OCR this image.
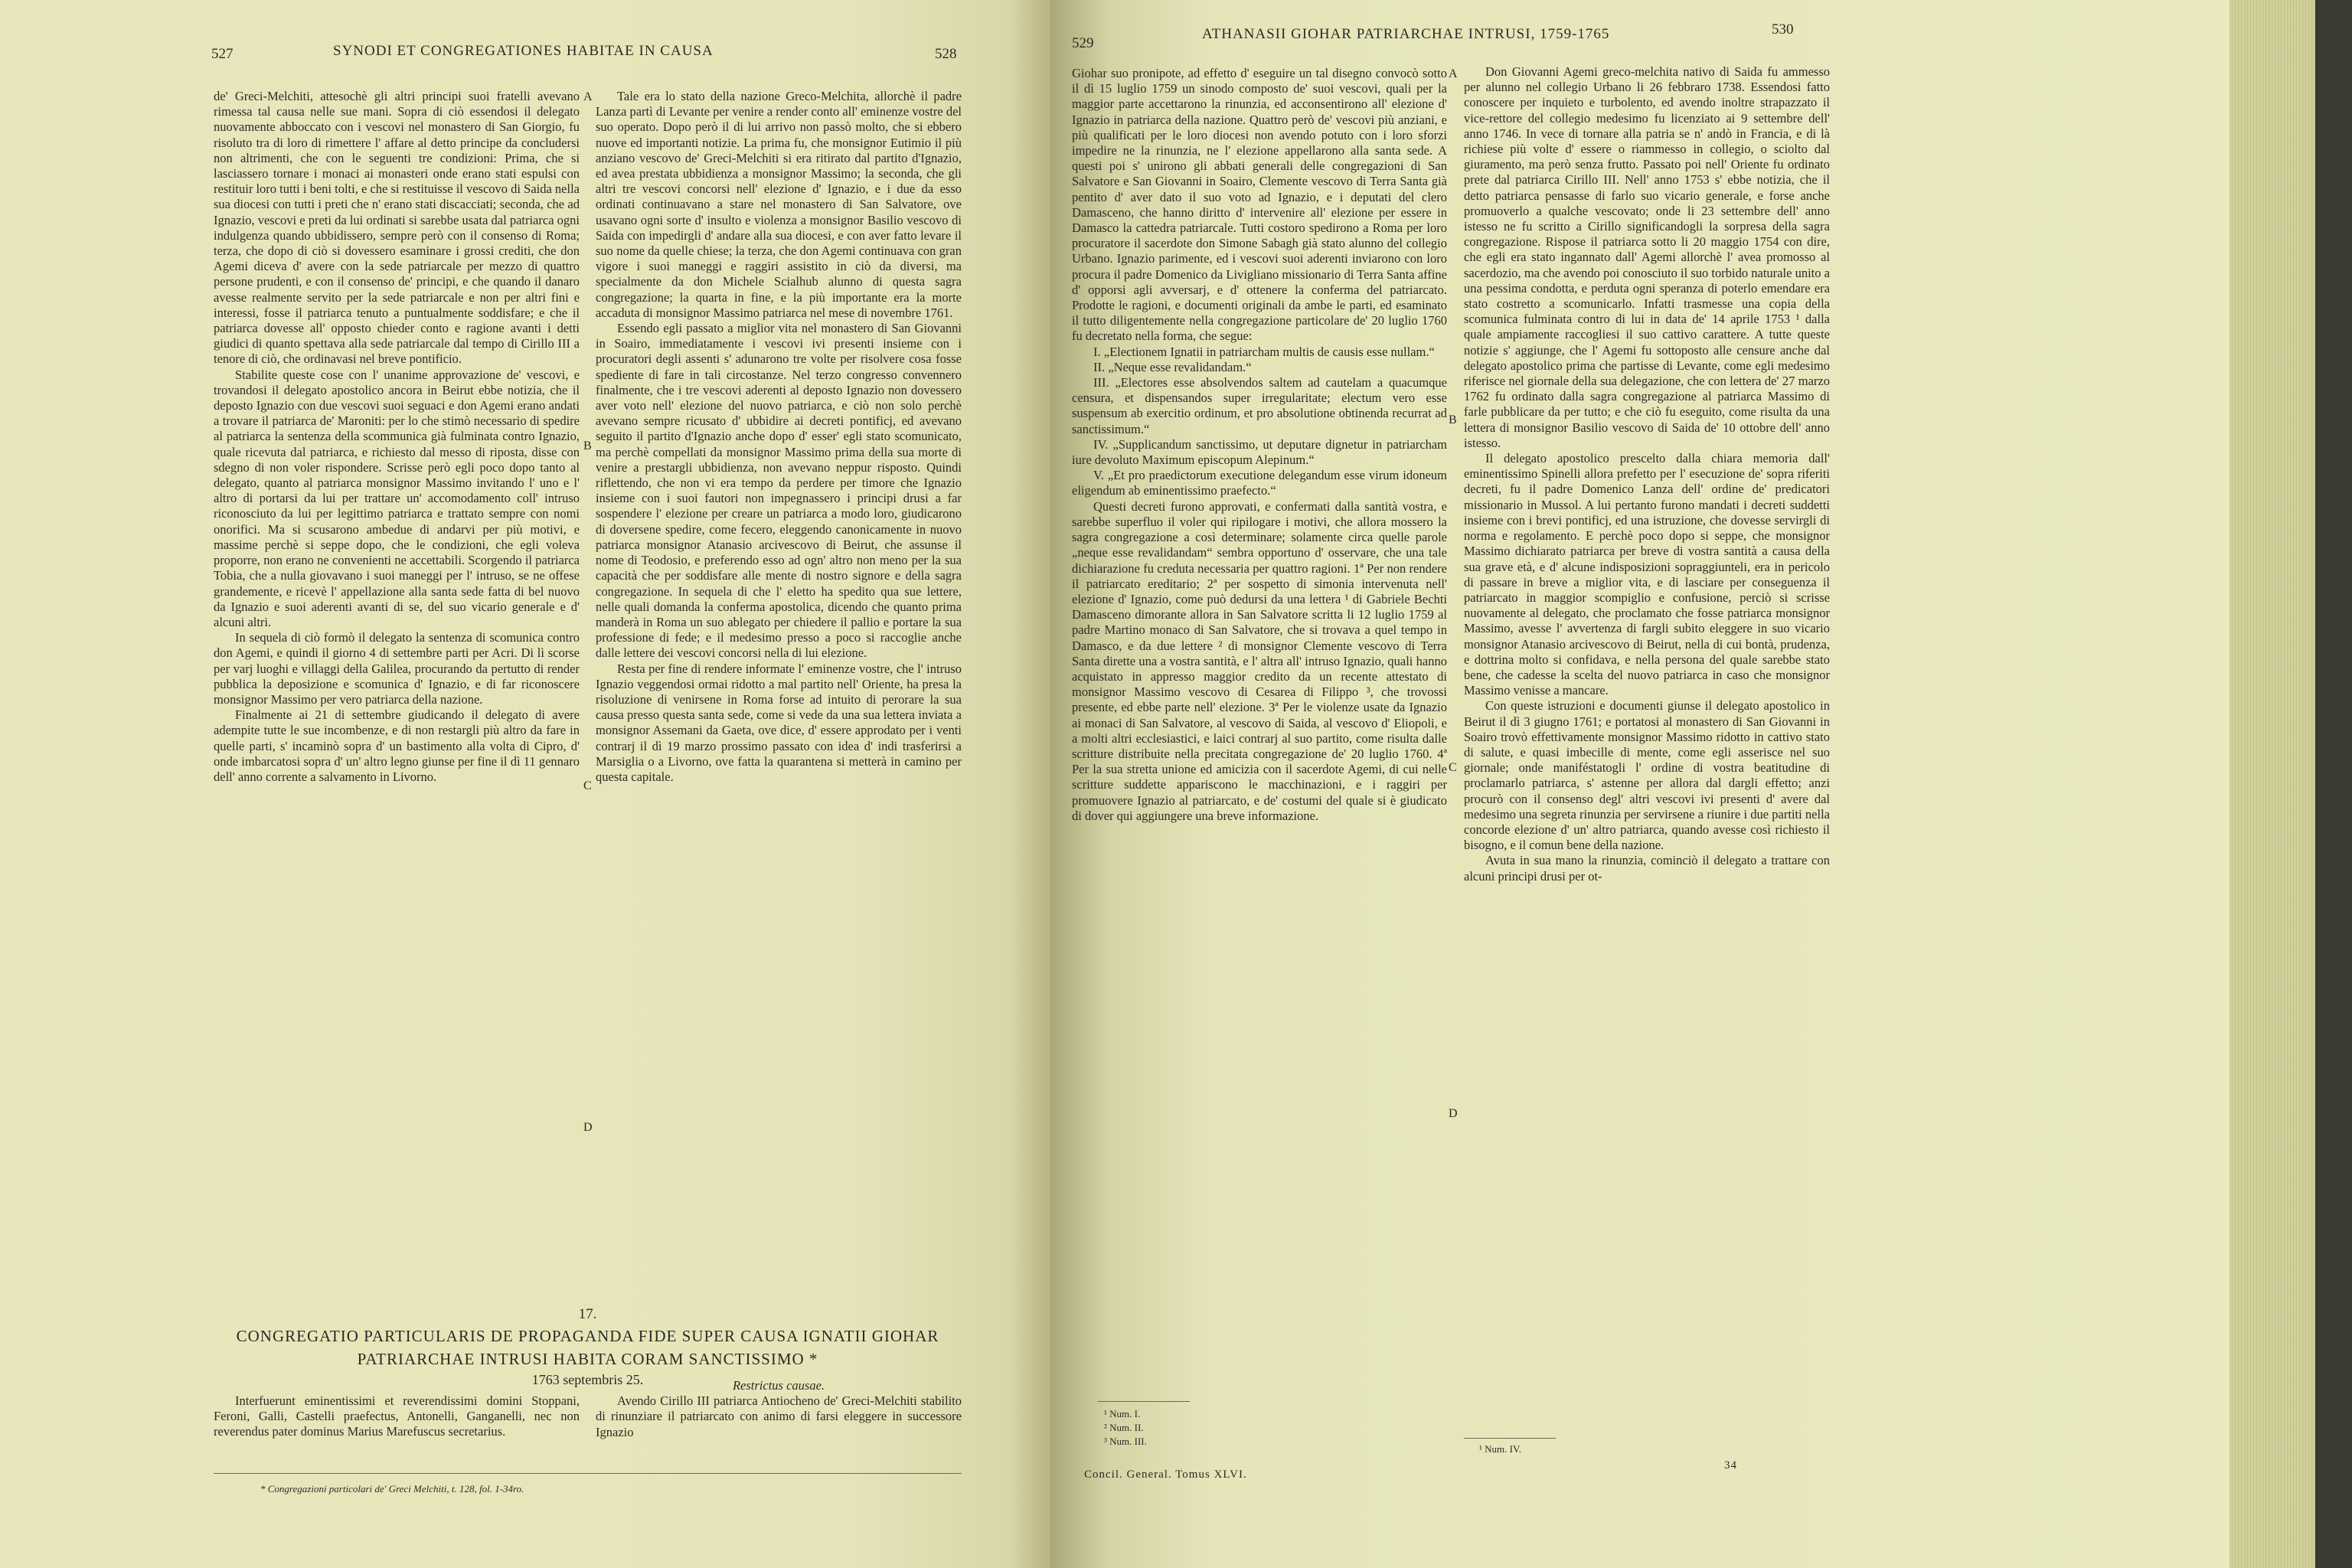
527	SYNODI ET CONGREGATIONES HABITAE IN CAUSA	528

de' Greci-Melchiti, attesochè gli altri principi suoi fratelli avevano rimessa tal causa nelle sue mani. Sopra di ciò essendosi il delegato nuovamente abboccato con i vescovi nel monastero di San Giorgio, fu risoluto tra di loro di rimettere l' affare al detto principe da concludersi non altrimenti, che con le seguenti tre condizioni: Prima, che si lasciassero tornare i monaci ai monasteri onde erano stati espulsi con restituir loro tutti i beni tolti, e che si restituisse il vescovo di Saida nella sua diocesi con tutti i preti che n' erano stati discacciati; seconda, che ad Ignazio, vescovi e preti da lui ordinati si sarebbe usata dal patriarca ogni indulgenza quando ubbidissero, sempre però con il consenso di Roma; terza, che dopo di ciò si dovessero esaminare i grossi crediti, che don Agemi diceva d' avere con la sede patriarcale per mezzo di quattro persone prudenti, e con il consenso de' principi, e che quando il danaro avesse realmente servito per la sede patriarcale e non per altri fini e interessi, fosse il patriarca tenuto a puntualmente soddisfare; e che il patriarca dovesse all' opposto chieder conto e ragione avanti i detti giudici di quanto spettava alla sede patriarcale dal tempo di Cirillo III a tenore di ciò, che ordinavasi nel breve pontificio.

Stabilite queste cose con l' unanime approvazione de' vescovi, e trovandosi il delegato apostolico ancora in Beirut ebbe notizia, che il deposto Ignazio con due vescovi suoi seguaci e don Agemi erano andati a trovare il patriarca de' Maroniti: per lo che stimò necessario di spedire al patriarca la sentenza della scommunica già fulminata contro Ignazio, quale ricevuta dal patriarca, e richiesto dal messo di riposta, disse con sdegno di non voler rispondere. Scrisse però egli poco dopo tanto al delegato, quanto al patriarca monsignor Massimo invitando l' uno e l' altro di portarsi da lui per trattare un' accomodamento coll' intruso riconosciuto da lui per legittimo patriarca e trattato sempre con nomi onorifici. Ma si scusarono ambedue di andarvi per più motivi, e massime perchè si seppe dopo, che le condizioni, che egli voleva proporre, non erano ne convenienti ne accettabili. Scorgendo il patriarca Tobia, che a nulla giovavano i suoi maneggi per l' intruso, se ne offese grandemente, e ricevè l' appellazione alla santa sede fatta di bel nuovo da Ignazio e suoi aderenti avanti di se, del suo vicario generale e d' alcuni altri.

In sequela di ciò formò il delegato la sentenza di scomunica contro don Agemi, e quindi il giorno 4 di settembre parti per Acri. Di lì scorse per varj luoghi e villaggi della Galilea, procurando da pertutto di render pubblica la deposizione e scomunica d' Ignazio, e di far riconoscere monsignor Massimo per vero patriarca della nazione.

Finalmente ai 21 di settembre giudicando il delegato di avere adempite tutte le sue incombenze, e di non restargli più altro da fare in quelle parti, s' incaminò sopra d' un bastimento alla volta di Cipro, d' onde imbarcatosi sopra d' un' altro legno giunse per fine il dì 11 gennaro dell' anno corrente a salvamento in Livorno.

A
B
C
D

Tale era lo stato della nazione Greco-Melchita, allorchè il padre Lanza partì di Levante per venire a render conto all' eminenze vostre del suo operato. Dopo però il di lui arrivo non passò molto, che si ebbero nuove ed importanti notizie. La prima fu, che monsignor Eutimio il più anziano vescovo de' Greci-Melchiti si era ritirato dal partito d'Ignazio, ed avea prestata ubbidienza a monsignor Massimo; la seconda, che gli altri tre vescovi concorsi nell' elezione d' Ignazio, e i due da esso ordinati continuavano a stare nel monastero di San Salvatore, ove usavano ogni sorte d' insulto e violenza a monsignor Basilio vescovo di Saida con impedirgli d' andare alla sua diocesi, e con aver fatto levare il suo nome da quelle chiese; la terza, che don Agemi continuava con gran vigore i suoi maneggi e raggiri assistito in ciò da diversi, ma specialmente da don Michele Scialhub alunno di questa sagra congregazione; la quarta in fine, e la più importante era la morte accaduta di monsignor Massimo patriarca nel mese di novembre 1761.

Essendo egli passato a miglior vita nel monastero di San Giovanni in Soairo, immediatamente i vescovi ivi presenti insieme con i procuratori degli assenti s' adunarono tre volte per risolvere cosa fosse spediente di fare in tali circostanze. Nel terzo congresso convennero finalmente, che i tre vescovi aderenti al deposto Ignazio non dovessero aver voto nell' elezione del nuovo patriarca, e ciò non solo perchè avevano sempre ricusato d' ubbidire ai decreti pontificj, ed avevano seguito il partito d'Ignazio anche dopo d' esser' egli stato scomunicato, ma perchè compellati da monsignor Massimo prima della sua morte di venire a prestargli ubbidienza, non avevano neppur risposto. Quindi riflettendo, che non vi era tempo da perdere per timore che Ignazio insieme con i suoi fautori non impegnassero i principi drusi a far sospendere l' elezione per creare un patriarca a modo loro, giudicarono di doversene spedire, come fecero, eleggendo canonicamente in nuovo patriarca monsignor Atanasio arcivescovo di Beirut, che assunse il nome di Teodosio, e preferendo esso ad ogn' altro non meno per la sua capacità che per soddisfare alle mente di nostro signore e della sagra congregazione. In sequela di che l' eletto ha spedito qua sue lettere, nelle quali domanda la conferma apostolica, dicendo che quanto prima manderà in Roma un suo ablegato per chiedere il pallio e portare la sua professione di fede; e il medesimo presso a poco si raccoglie anche dalle lettere dei vescovi concorsi nella di lui elezione.

Resta per fine di rendere informate l' eminenze vostre, che l' intruso Ignazio veggendosi ormai ridotto a mal partito nell' Oriente, ha presa la risoluzione di venirsene in Roma forse ad intuito di perorare la sua causa presso questa santa sede, come si vede da una sua lettera inviata a monsignor Assemani da Gaeta, ove dice, d' essere approdato per i venti contrarj il dì 19 marzo prossimo passato con idea d' indi trasferirsi a Marsiglia o a Livorno, ove fatta la quarantena si metterà in camino per questa capitale.

17.
CONGREGATIO PARTICULARIS DE PROPAGANDA FIDE SUPER CAUSA IGNATII GIOHAR
PATRIARCHAE INTRUSI HABITA CORAM SANCTISSIMO *
1763 septembris 25.

Interfuerunt eminentissimi et reverendissimi domini Stoppani, Feroni, Galli, Castelli praefectus, Antonelli, Ganganelli, nec non reverendus pater dominus Marius Marefuscus secretarius.

Restrictus causae.

Avendo Cirillo III patriarca Antiocheno de' Greci-Melchiti stabilito di rinunziare il patriarcato con animo di farsi eleggere in successore Ignazio

* Congregazioni particolari de' Greci Melchiti, t. 128, fol. 1-34ro.
529
ATHANASII GIOHAR PATRIARCHAE INTRUSI, 1759-1765	530

Giohar suo pronipote, ad effetto d' eseguire un tal disegno convocò sotto il dì 15 luglio 1759 un sinodo composto de' suoi vescovi, quali per la maggior parte accettarono la rinunzia, ed acconsentirono all' elezione d' Ignazio in patriarca della nazione. Quattro però de' vescovi più anziani, e più qualificati per le loro diocesi non avendo potuto con i loro sforzi impedire ne la rinunzia, ne l' elezione appellarono alla santa sede. A questi poi s' unirono gli abbati generali delle congregazioni di San Salvatore e San Giovanni in Soairo, Clemente vescovo di Terra Santa già pentito d' aver dato il suo voto ad Ignazio, e i deputati del clero Damasceno, che hanno diritto d' intervenire all' elezione per essere in Damasco la cattedra patriarcale. Tutti costoro spedirono a Roma per loro procuratore il sacerdote don Simone Sabagh già stato alunno del collegio Urbano. Ignazio parimente, ed i vescovi suoi aderenti inviarono con loro procura il padre Domenico da Livigliano missionario di Terra Santa affine d' opporsi agli avversarj, e d' ottenere la conferma del patriarcato. Prodotte le ragioni, e documenti originali da ambe le parti, ed esaminato il tutto diligentemente nella congregazione particolare de' 20 luglio 1760 fu decretato nella forma, che segue:

I. „Electionem Ignatii in patriarcham multis de causis esse nullam.“

II. „Neque esse revalidandam.“

III. „Electores esse absolvendos saltem ad cautelam a quacumque censura, et dispensandos super irregularitate; electum vero esse suspensum ab exercitio ordinum, et pro absolutione obtinenda recurrat ad sanctissimum.“

IV. „Supplicandum sanctissimo, ut deputare dignetur in patriarcham iure devoluto Maximum episcopum Alepinum.“

V. „Et pro praedictorum executione delegandum esse virum idoneum eligendum ab eminentissimo praefecto.“

Questi decreti furono approvati, e confermati dalla santità vostra, e sarebbe superfluo il voler qui ripilogare i motivi, che allora mossero la sagra congregazione a così determinare; solamente circa quelle parole „neque esse revalidandam“ sembra opportuno d' osservare, che una tale dichiarazione fu creduta necessaria per quattro ragioni. 1ª Per non rendere il patriarcato ereditario; 2ª per sospetto di simonia intervenuta nell' elezione d' Ignazio, come può dedursi da una lettera ¹ di Gabriele Bechti Damasceno dimorante allora in San Salvatore scritta li 12 luglio 1759 al padre Martino monaco di San Salvatore, che si trovava a quel tempo in Damasco, e da due lettere ² di monsignor Clemente vescovo di Terra Santa dirette una a vostra santità, e l' altra all' intruso Ignazio, quali hanno acquistato in appresso maggior credito da un recente attestato di monsignor Massimo vescovo di Cesarea di Filippo ³, che trovossi presente, ed ebbe parte nell' elezione. 3ª Per le violenze usate da Ignazio ai monaci di San Salvatore, al vescovo di Saida, al vescovo d' Eliopoli, e a molti altri ecclesiastici, e laici contrarj al suo partito, come risulta dalle scritture distribuite nella precitata congregazione de' 20 luglio 1760. 4ª Per la sua stretta unione ed amicizia con il sacerdote Agemi, di cui nelle scritture suddette appariscono le macchinazioni, e i raggiri per promuovere Ignazio al patriarcato, e de' costumi del quale si è giudicato di dover qui aggiungere una breve informazione.

A
B
C
D
¹ Num. I.
² Num. II.
³ Num. III.
Concil. General. Tomus XLVI.

Don Giovanni Agemi greco-melchita nativo di Saida fu ammesso per alunno nel collegio Urbano li 26 febbraro 1738. Essendosi fatto conoscere per inquieto e turbolento, ed avendo inoltre strapazzato il vice-rettore del collegio medesimo fu licenziato ai 9 settembre dell' anno 1746. In vece di tornare alla patria se n' andò in Francia, e di là richiese più volte d' essere o riammesso in collegio, o sciolto dal giuramento, ma però senza frutto. Passato poi nell' Oriente fu ordinato prete dal patriarca Cirillo III. Nell' anno 1753 s' ebbe notizia, che il detto patriarca pensasse di farlo suo vicario generale, e forse anche promuoverlo a qualche vescovato; onde li 23 settembre dell' anno istesso ne fu scritto a Cirillo significandogli la sorpresa della sagra congregazione. Rispose il patriarca sotto li 20 maggio 1754 con dire, che egli era stato ingannato dall' Agemi allorchè l' avea promosso al sacerdozio, ma che avendo poi conosciuto il suo torbido naturale unito a una pessima condotta, e perduta ogni speranza di poterlo emendare era stato costretto a scomunicarlo. Infatti trasmesse una copia della scomunica fulminata contro di lui in data de' 14 aprile 1753 ¹ dalla quale ampiamente raccogliesi il suo cattivo carattere. A tutte queste notizie s' aggiunge, che l' Agemi fu sottoposto alle censure anche dal delegato apostolico prima che partisse di Levante, come egli medesimo riferisce nel giornale della sua delegazione, che con lettera de' 27 marzo 1762 fu ordinato dalla sagra congregazione al patriarca Massimo di farle pubblicare da per tutto; e che ciò fu eseguito, come risulta da una lettera di monsignor Basilio vescovo di Saida de' 10 ottobre dell' anno istesso.

Il delegato apostolico prescelto dalla chiara memoria dall' eminentissimo Spinelli allora prefetto per l' esecuzione de' sopra riferiti decreti, fu il padre Domenico Lanza dell' ordine de' predicatori missionario in Mussol. A lui pertanto furono mandati i decreti suddetti insieme con i brevi pontificj, ed una istruzione, che dovesse servirgli di norma e regolamento. E perchè poco dopo si seppe, che monsignor Massimo dichiarato patriarca per breve di vostra santità a causa della sua grave età, e d' alcune indisposizioni sopraggiunteli, era in pericolo di passare in breve a miglior vita, e di lasciare per conseguenza il patriarcato in maggior scompiglio e confusione, perciò si scrisse nuovamente al delegato, che proclamato che fosse patriarca monsignor Massimo, avesse l' avvertenza di fargli subito eleggere in suo vicario monsignor Atanasio arcivescovo di Beirut, nella di cui bontà, prudenza, e dottrina molto si confidava, e nella persona del quale sarebbe stato bene, che cadesse la scelta del nuovo patriarca in caso che monsignor Massimo venisse a mancare.

Con queste istruzioni e documenti giunse il delegato apostolico in Beirut il dì 3 giugno 1761; e portatosi al monastero di San Giovanni in Soairo trovò effettivamente monsignor Massimo ridotto in cattivo stato di salute, e quasi imbecille di mente, come egli asserisce nel suo giornale; onde maniféstatogli l' ordine di vostra beatitudine di proclamarlo patriarca, s' astenne per allora dal dargli effetto; anzi procurò con il consenso degl' altri vescovi ivi presenti d' avere dal medesimo una segreta rinunzia per servirsene a riunire i due partiti nella concorde elezione d' un' altro patriarca, quando avesse così richiesto il bisogno, e il comun bene della nazione.

Avuta in sua mano la rinunzia, cominciò il delegato a trattare con alcuni principi drusi per ot-

¹ Num. IV.
34
